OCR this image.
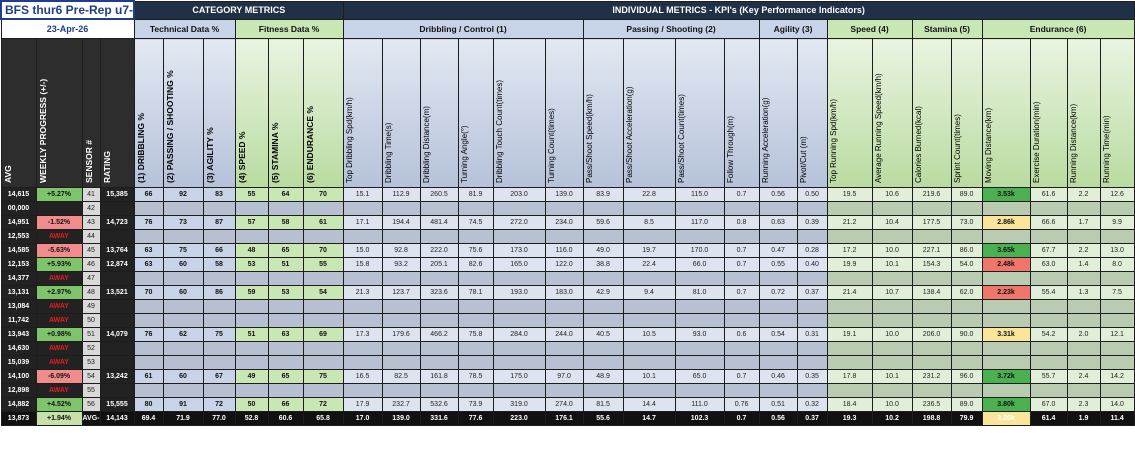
BFS thur6 Pre-Rep u7-				CATEGORY METRICS						INDIVIDUAL METRICS - KPI's (Key Performance Indicators)																			
23-Apr-26				Technical Data %			Fitness Data %			Dribbling / Control (1)						Passing / Shooting (2)				Agility (3)		Speed (4)		Stamina (5)		Endurance (6)			

AVG	WEEKLY PROGRESS (+/-)	SENSOR #	RATING	(1) DRIBBLING %	(2) PASSING / SHOOTING %	(3) AGILITY %	(4) SPEED %	(5) STAMINA %	(6) ENDURANCE %	Top Dribbling Spd(km/h)	Dribbling Time(s)	Dribbling Distance(m)	Turning Angle(°)	Dribbling Touch Count(times)	Turning Count(times)	Pass/Shoot Speed(km/h)	Pass/Shoot Acceleration(g)	Pass/Shoot Count(times)	Follow Through(m)	Running Acceleration(g)	Pivot/Cut (m)	Top Running Spd(km/h)	Average Running Speed(km/h)	Calories Burned(kcal)	Sprint Count(times)	Moving Distance(km)	Exercise Duration(min)	Running Distance(km)	Running Time(min)

14,615	+5.27%	41	15,385	66	92	83	55	64	70	15.1	112.9	260.5	81.9	203.0	139.0	83.9	22.8	115.0	0.7	0.56	0.50	19.5	10.6	219.6	89.0	3.53k	61.6	2.2	12.6
00,000		42																											
14,951	-1.52%	43	14,723	76	73	87	57	58	61	17.1	194.4	481.4	74.5	272.0	234.0	59.6	8.5	117.0	0.8	0.63	0.39	21.2	10.4	177.5	73.0	2.86k	66.6	1.7	9.9
12,553	AWAY	44																											
14,585	-5.63%	45	13,764	63	75	66	48	65	70	15.0	92.8	222.0	75.6	173.0	116.0	49.0	19.7	170.0	0.7	0.47	0.28	17.2	10.0	227.1	86.0	3.65k	67.7	2.2	13.0
12,153	+5.93%	46	12,874	63	60	58	53	51	55	15.8	93.2	205.1	82.6	165.0	122.0	38.8	22.4	66.0	0.7	0.55	0.40	19.9	10.1	154.3	54.0	2.48k	63.0	1.4	8.0
14,377	AWAY	47																											
13,131	+2.97%	48	13,521	70	60	86	59	53	54	21.3	123.7	323.6	78.1	193.0	183.0	42.9	9.4	81.0	0.7	0.72	0.37	21.4	10.7	138.4	62.0	2.23k	55.4	1.3	7.5
13,084	AWAY	49																											
11,742	AWAY	50																											
13,943	+0.98%	51	14,079	76	62	75	51	63	69	17.3	179.6	466.2	75.8	284.0	244.0	40.5	10.5	93.0	0.6	0.54	0.31	19.1	10.0	206.0	90.0	3.31k	54.2	2.0	12.1
14,630	AWAY	52																											
15,039	AWAY	53																											
14,100	-6.09%	54	13,242	61	60	67	49	65	75	16.5	82.5	161.8	78.5	175.0	97.0	48.9	10.1	65.0	0.7	0.46	0.35	17.8	10.1	231.2	96.0	3.72k	55.7	2.4	14.2
12,898	AWAY	55																											
14,882	+4.52%	56	15,555	80	91	72	50	66	72	17.9	232.7	532.6	73.9	319.0	274.0	81.5	14.4	111.0	0.76	0.51	0.32	18.4	10.0	236.5	89.0	3.80k	67.0	2.3	14.0
13,873	+1.94%	AVG-	14,143	69.4	71.9	77.0	52.8	60.6	65.8	17.0	139.0	331.6	77.6	223.0	176.1	55.6	14.7	102.3	0.7	0.56	0.37	19.3	10.2	198.8	79.9	3.20k	61.4	1.9	11.4
